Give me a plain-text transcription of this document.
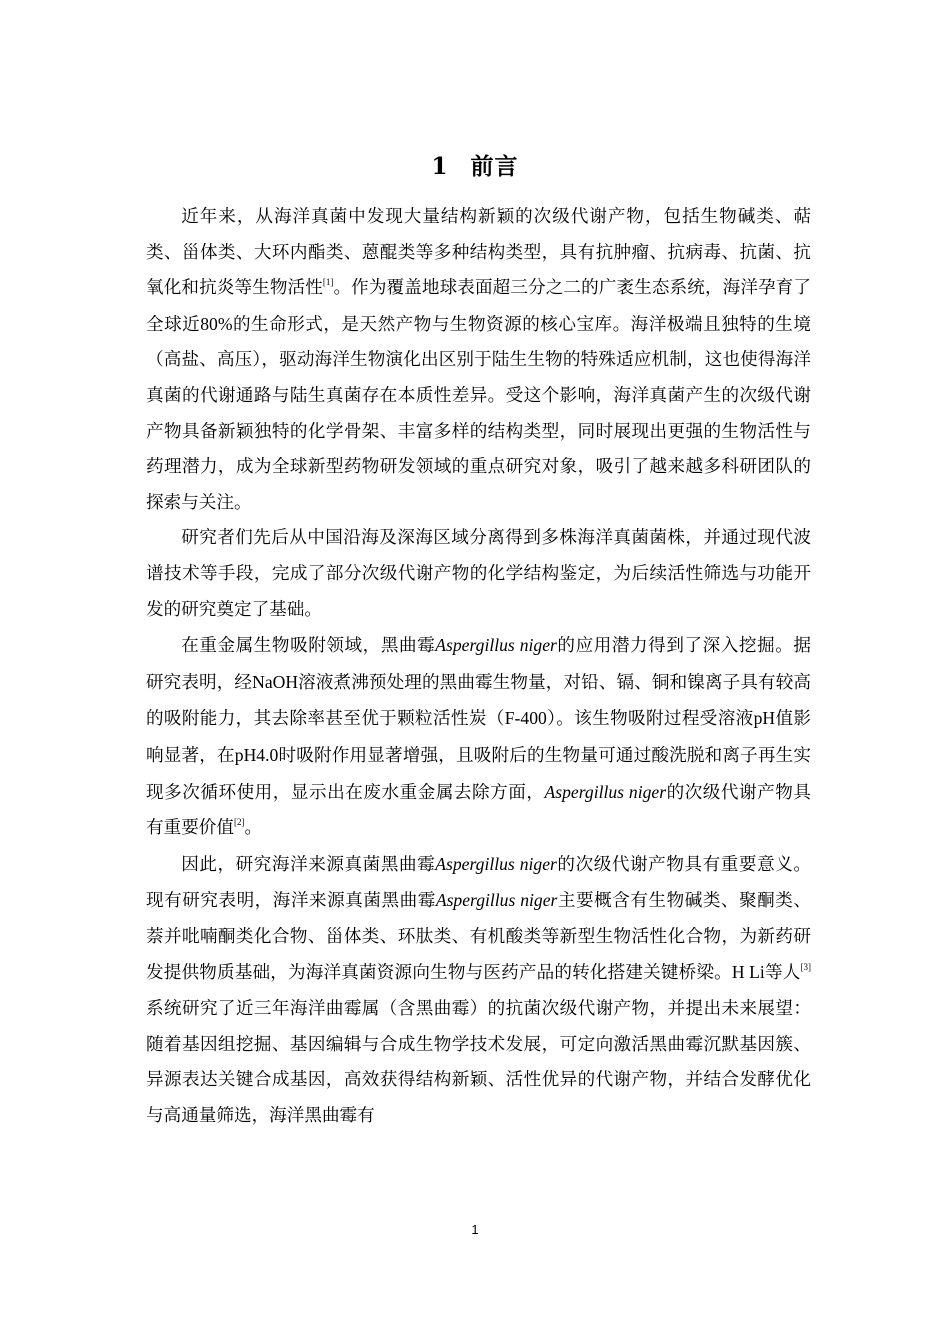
1 前言

近年来，从海洋真菌中发现大量结构新颖的次级代谢产物，包括生物碱类、萜类、甾体类、大环内酯类、蒽醌类等多种结构类型，具有抗肿瘤、抗病毒、抗菌、抗氧化和抗炎等生物活性[1]。作为覆盖地球表面超三分之二的广袤生态系统，海洋孕育了全球近80%的生命形式，是天然产物与生物资源的核心宝库。海洋极端且独特的生境（高盐、高压），驱动海洋生物演化出区别于陆生生物的特殊适应机制，这也使得海洋真菌的代谢通路与陆生真菌存在本质性差异。受这个影响，海洋真菌产生的次级代谢产物具备新颖独特的化学骨架、丰富多样的结构类型，同时展现出更强的生物活性与药理潜力，成为全球新型药物研发领域的重点研究对象，吸引了越来越多科研团队的探索与关注。

研究者们先后从中国沿海及深海区域分离得到多株海洋真菌菌株，并通过现代波谱技术等手段，完成了部分次级代谢产物的化学结构鉴定，为后续活性筛选与功能开发的研究奠定了基础。

在重金属生物吸附领域，黑曲霉Aspergillus niger的应用潜力得到了深入挖掘。据研究表明，经NaOH溶液煮沸预处理的黑曲霉生物量，对铅、镉、铜和镍离子具有较高的吸附能力，其去除率甚至优于颗粒活性炭（F-400）。该生物吸附过程受溶液pH值影响显著，在pH4.0时吸附作用显著增强，且吸附后的生物量可通过酸洗脱和离子再生实现多次循环使用，显示出在废水重金属去除方面，Aspergillus niger的次级代谢产物具有重要价值[2]。

因此，研究海洋来源真菌黑曲霉Aspergillus niger的次级代谢产物具有重要意义。现有研究表明，海洋来源真菌黑曲霉Aspergillus niger主要概含有生物碱类、聚酮类、萘并吡喃酮类化合物、甾体类、环肽类、有机酸类等新型生物活性化合物，为新药研发提供物质基础，为海洋真菌资源向生物与医药产品的转化搭建关键桥梁。H Li等人[3]系统研究了近三年海洋曲霉属（含黑曲霉）的抗菌次级代谢产物，并提出未来展望：随着基因组挖掘、基因编辑与合成生物学技术发展，可定向激活黑曲霉沉默基因簇、异源表达关键合成基因，高效获得结构新颖、活性优异的代谢产物，并结合发酵优化与高通量筛选，海洋黑曲霉有

1
